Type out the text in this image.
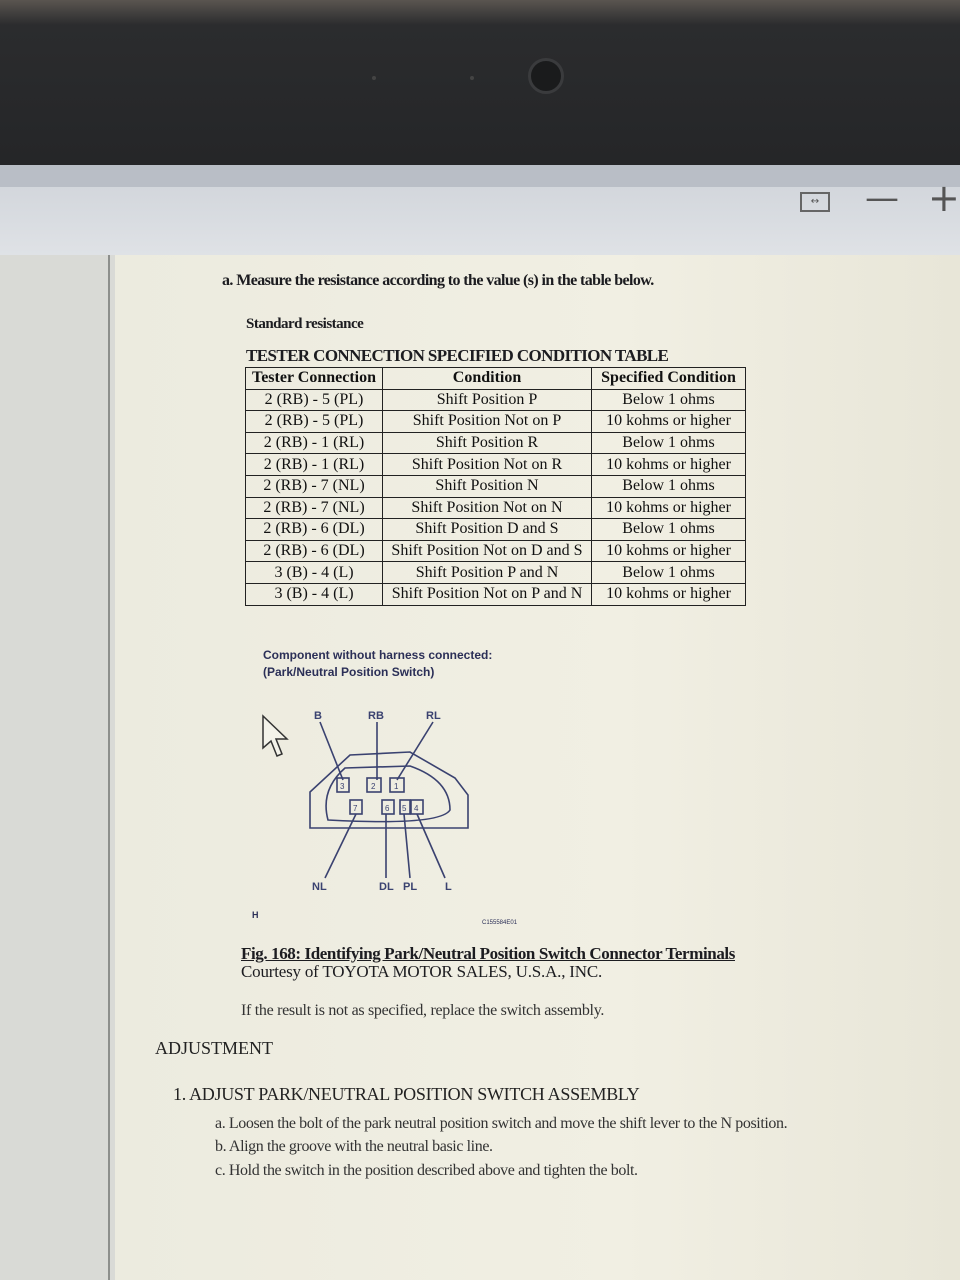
↔	— +
a. Measure the resistance according to the value (s) in the table below.
Standard resistance
TESTER CONNECTION SPECIFIED CONDITION TABLE
Tester Connection	Condition	Specified Condition
2 (RB) - 5 (PL)	Shift Position P	Below 1 ohms
2 (RB) - 5 (PL)	Shift Position Not on P	10 kohms or higher
2 (RB) - 1 (RL)	Shift Position R	Below 1 ohms
2 (RB) - 1 (RL)	Shift Position Not on R	10 kohms or higher
2 (RB) - 7 (NL)	Shift Position N	Below 1 ohms
2 (RB) - 7 (NL)	Shift Position Not on N	10 kohms or higher
2 (RB) - 6 (DL)	Shift Position D and S	Below 1 ohms
2 (RB) - 6 (DL)	Shift Position Not on D and S	10 kohms or higher
3 (B) - 4 (L)	Shift Position P and N	Below 1 ohms
3 (B) - 4 (L)	Shift Position Not on P and N	10 kohms or higher
Component without harness connected:
(Park/Neutral Position Switch)
3	2 1
7	6 5 4
B	RB	RL
NL	DL PL	L
H
C155584E01
Fig. 168: Identifying Park/Neutral Position Switch Connector Terminals
Courtesy of TOYOTA MOTOR SALES, U.S.A., INC.
If the result is not as specified, replace the switch assembly.
ADJUSTMENT
1. ADJUST PARK/NEUTRAL POSITION SWITCH ASSEMBLY
a. Loosen the bolt of the park neutral position switch and move the shift lever to the N position.
b. Align the groove with the neutral basic line.
c. Hold the switch in the position described above and tighten the bolt.
